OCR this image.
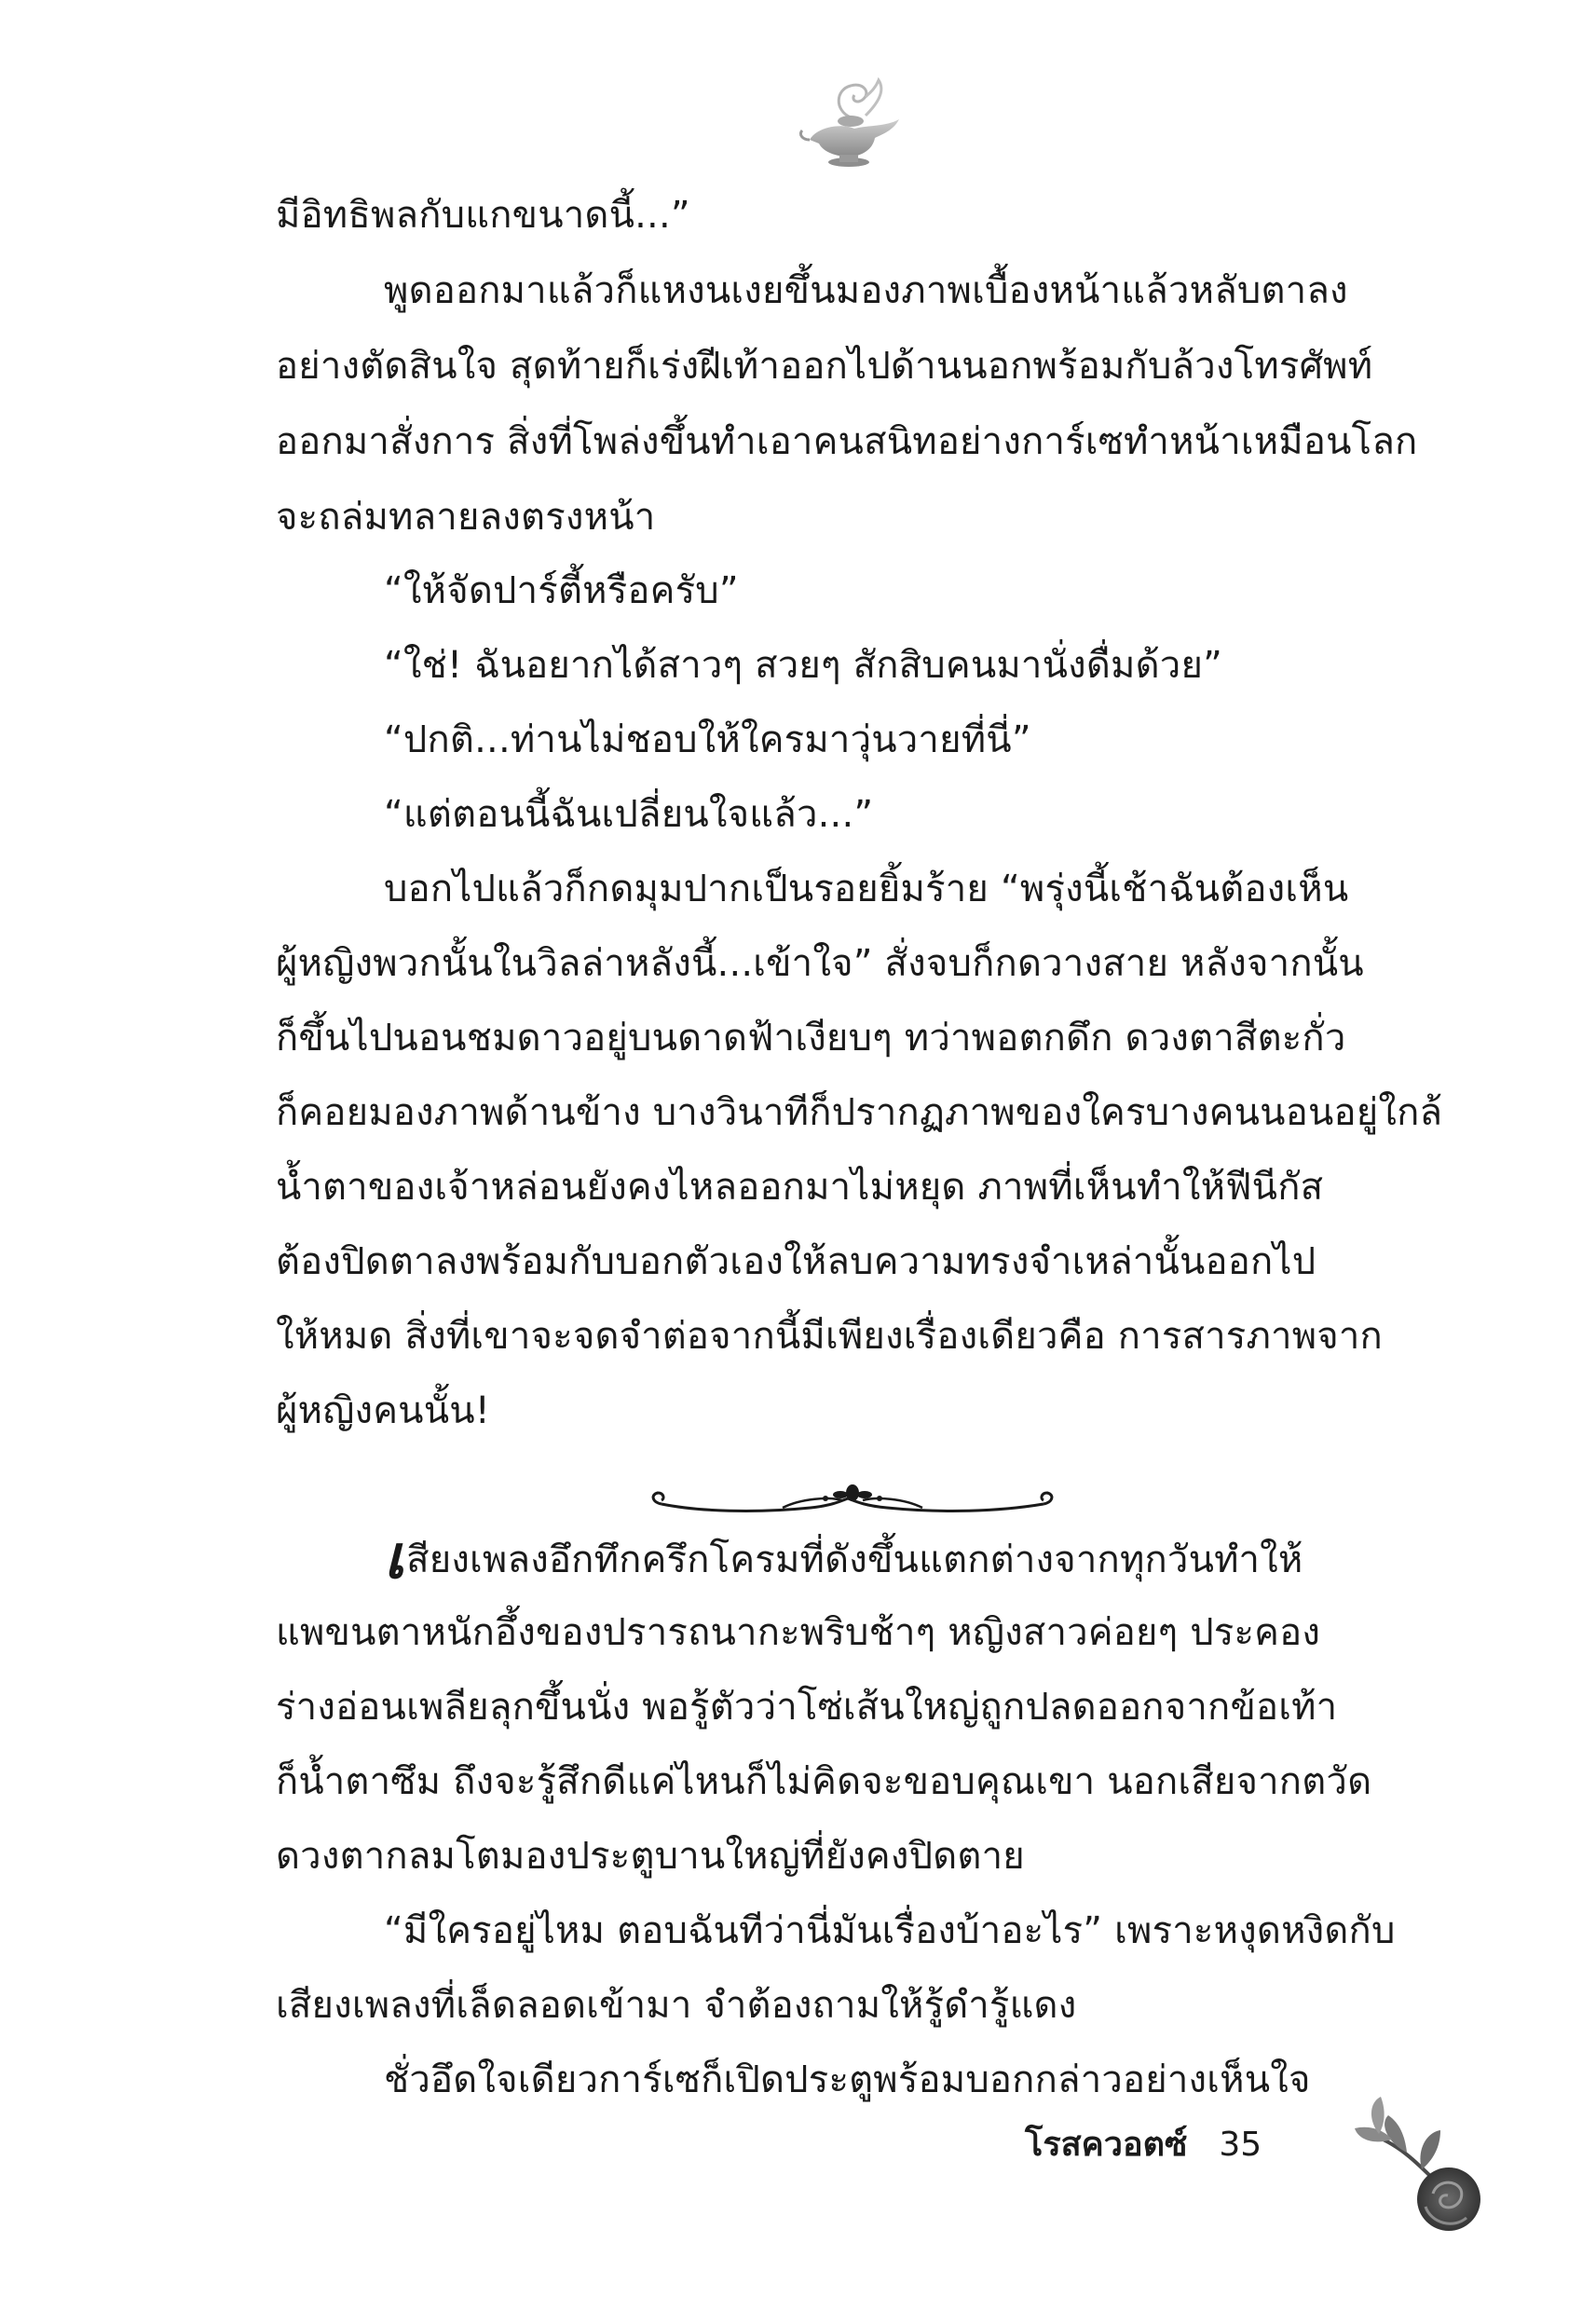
มีอิทธิพลกับแกขนาดนี้...”
พูดออกมาแล้วก็แหงนเงยขึ้นมองภาพเบื้องหน้าแล้วหลับตาลง
อย่างตัดสินใจ สุดท้ายก็เร่งฝีเท้าออกไปด้านนอกพร้อมกับล้วงโทรศัพท์
ออกมาสั่งการ สิ่งที่โพล่งขึ้นทำเอาคนสนิทอย่างการ์เซทำหน้าเหมือนโลก
จะถล่มทลายลงตรงหน้า
“ให้จัดปาร์ตี้หรือครับ”
“ใช่! ฉันอยากได้สาวๆ สวยๆ สักสิบคนมานั่งดื่มด้วย”
“ปกติ...ท่านไม่ชอบให้ใครมาวุ่นวายที่นี่”
“แต่ตอนนี้ฉันเปลี่ยนใจแล้ว...”
บอกไปแล้วก็กดมุมปากเป็นรอยยิ้มร้าย “พรุ่งนี้เช้าฉันต้องเห็น
ผู้หญิงพวกนั้นในวิลล่าหลังนี้...เข้าใจ” สั่งจบก็กดวางสาย หลังจากนั้น
ก็ขึ้นไปนอนชมดาวอยู่บนดาดฟ้าเงียบๆ ทว่าพอตกดึก ดวงตาสีตะกั่ว
ก็คอยมองภาพด้านข้าง บางวินาทีก็ปรากฏภาพของใครบางคนนอนอยู่ใกล้
น้ำตาของเจ้าหล่อนยังคงไหลออกมาไม่หยุด ภาพที่เห็นทำให้ฟีนีกัส
ต้องปิดตาลงพร้อมกับบอกตัวเองให้ลบความทรงจำเหล่านั้นออกไป
ให้หมด สิ่งที่เขาจะจดจำต่อจากนี้มีเพียงเรื่องเดียวคือ การสารภาพจาก
ผู้หญิงคนนั้น!
เสียงเพลงอึกทึกครึกโครมที่ดังขึ้นแตกต่างจากทุกวันทำให้
แพขนตาหนักอึ้งของปรารถนากะพริบช้าๆ หญิงสาวค่อยๆ ประคอง
ร่างอ่อนเพลียลุกขึ้นนั่ง พอรู้ตัวว่าโซ่เส้นใหญ่ถูกปลดออกจากข้อเท้า
ก็น้ำตาซึม ถึงจะรู้สึกดีแค่ไหนก็ไม่คิดจะขอบคุณเขา นอกเสียจากตวัด
ดวงตากลมโตมองประตูบานใหญ่ที่ยังคงปิดตาย
“มีใครอยู่ไหม ตอบฉันทีว่านี่มันเรื่องบ้าอะไร” เพราะหงุดหงิดกับ
เสียงเพลงที่เล็ดลอดเข้ามา จำต้องถามให้รู้ดำรู้แดง
ชั่วอึดใจเดียวการ์เซก็เปิดประตูพร้อมบอกกล่าวอย่างเห็นใจ
โรสควอตซ์ 35
